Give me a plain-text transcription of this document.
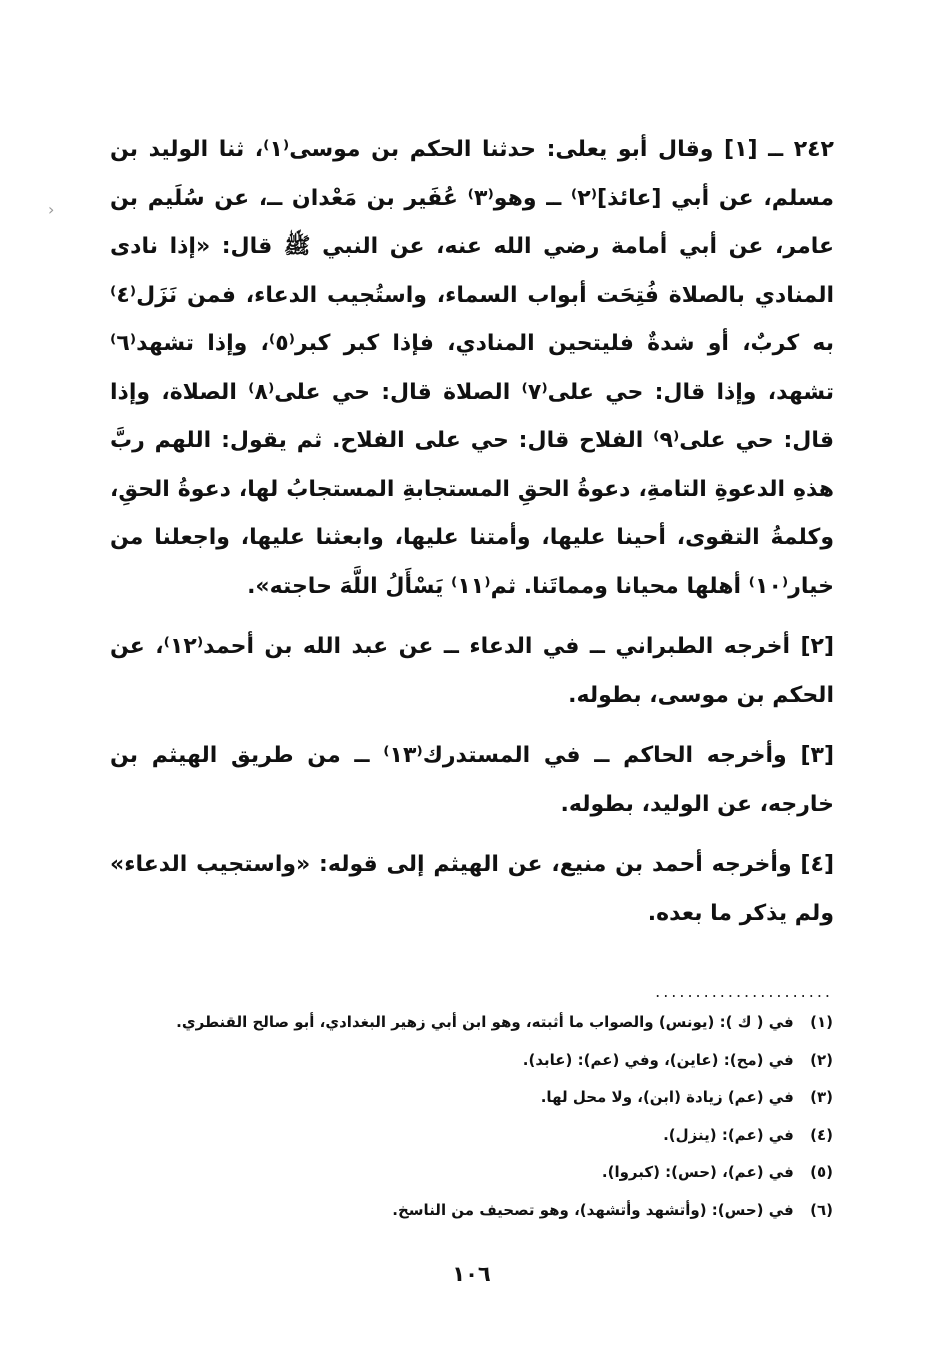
›

٢٤٢ ــ [١] وقال أبو يعلى: حدثنا الحكم بن موسى⁽١⁾، ثنا الوليد بن مسلم، عن أبي [عائذ]⁽٢⁾ ــ وهو⁽٣⁾ عُفَير بن مَعْدان ــ، عن سُلَيم بن عامر، عن أبي أمامة رضي الله عنه، عن النبي ﷺ قال: «إذا نادى المنادي بالصلاة فُتِحَت أبواب السماء، واستُجيب الدعاء، فمن نَزَل⁽٤⁾ به كربٌ، أو شدةٌ فليتحين المنادي، فإذا كبر كبر⁽٥⁾، وإذا تشهد⁽٦⁾ تشهد، وإذا قال: حي على⁽٧⁾ الصلاة قال: حي على⁽٨⁾ الصلاة، وإذا قال: حي على⁽٩⁾ الفلاح قال: حي على الفلاح. ثم يقول: اللهم ربَّ هذهِ الدعوةِ التامةِ، دعوةُ الحقِ المستجابةِ المستجابُ لها، دعوةُ الحقِ، وكلمةُ التقوى، أحينا عليها، وأمتنا عليها، وابعثنا عليها، واجعلنا من خيار⁽١٠⁾ أهلها محيانا ومماتَنا. ثم⁽١١⁾ يَسْأَلُ اللَّهَ حاجته».

[٢] أخرجه الطبراني ــ في الدعاء ــ عن عبد الله بن أحمد⁽١٢⁾، عن الحكم بن موسى، بطوله.

[٣] وأخرجه الحاكم ــ في المستدرك⁽١٣⁾ ــ من طريق الهيثم بن خارجه، عن الوليد، بطوله.

[٤] وأخرجه أحمد بن منيع، عن الهيثم إلى قوله: «واستجيب الدعاء» ولم يذكر ما بعده.

......................

(١) في ( ك ): (يونس) والصواب ما أثبته، وهو ابن أبي زهير البغدادي، أبو صالح القنطري.

(٢) في (مح): (عاين)، وفي (عم): (عابد).

(٣) في (عم) زيادة (ابن)، ولا محل لها.

(٤) في (عم): (ينزل).

(٥) في (عم)، (حس): (كبروا).

(٦) في (حس): (وأتشهد وأتشهد)، وهو تصحيف من الناسخ.

١٠٦
